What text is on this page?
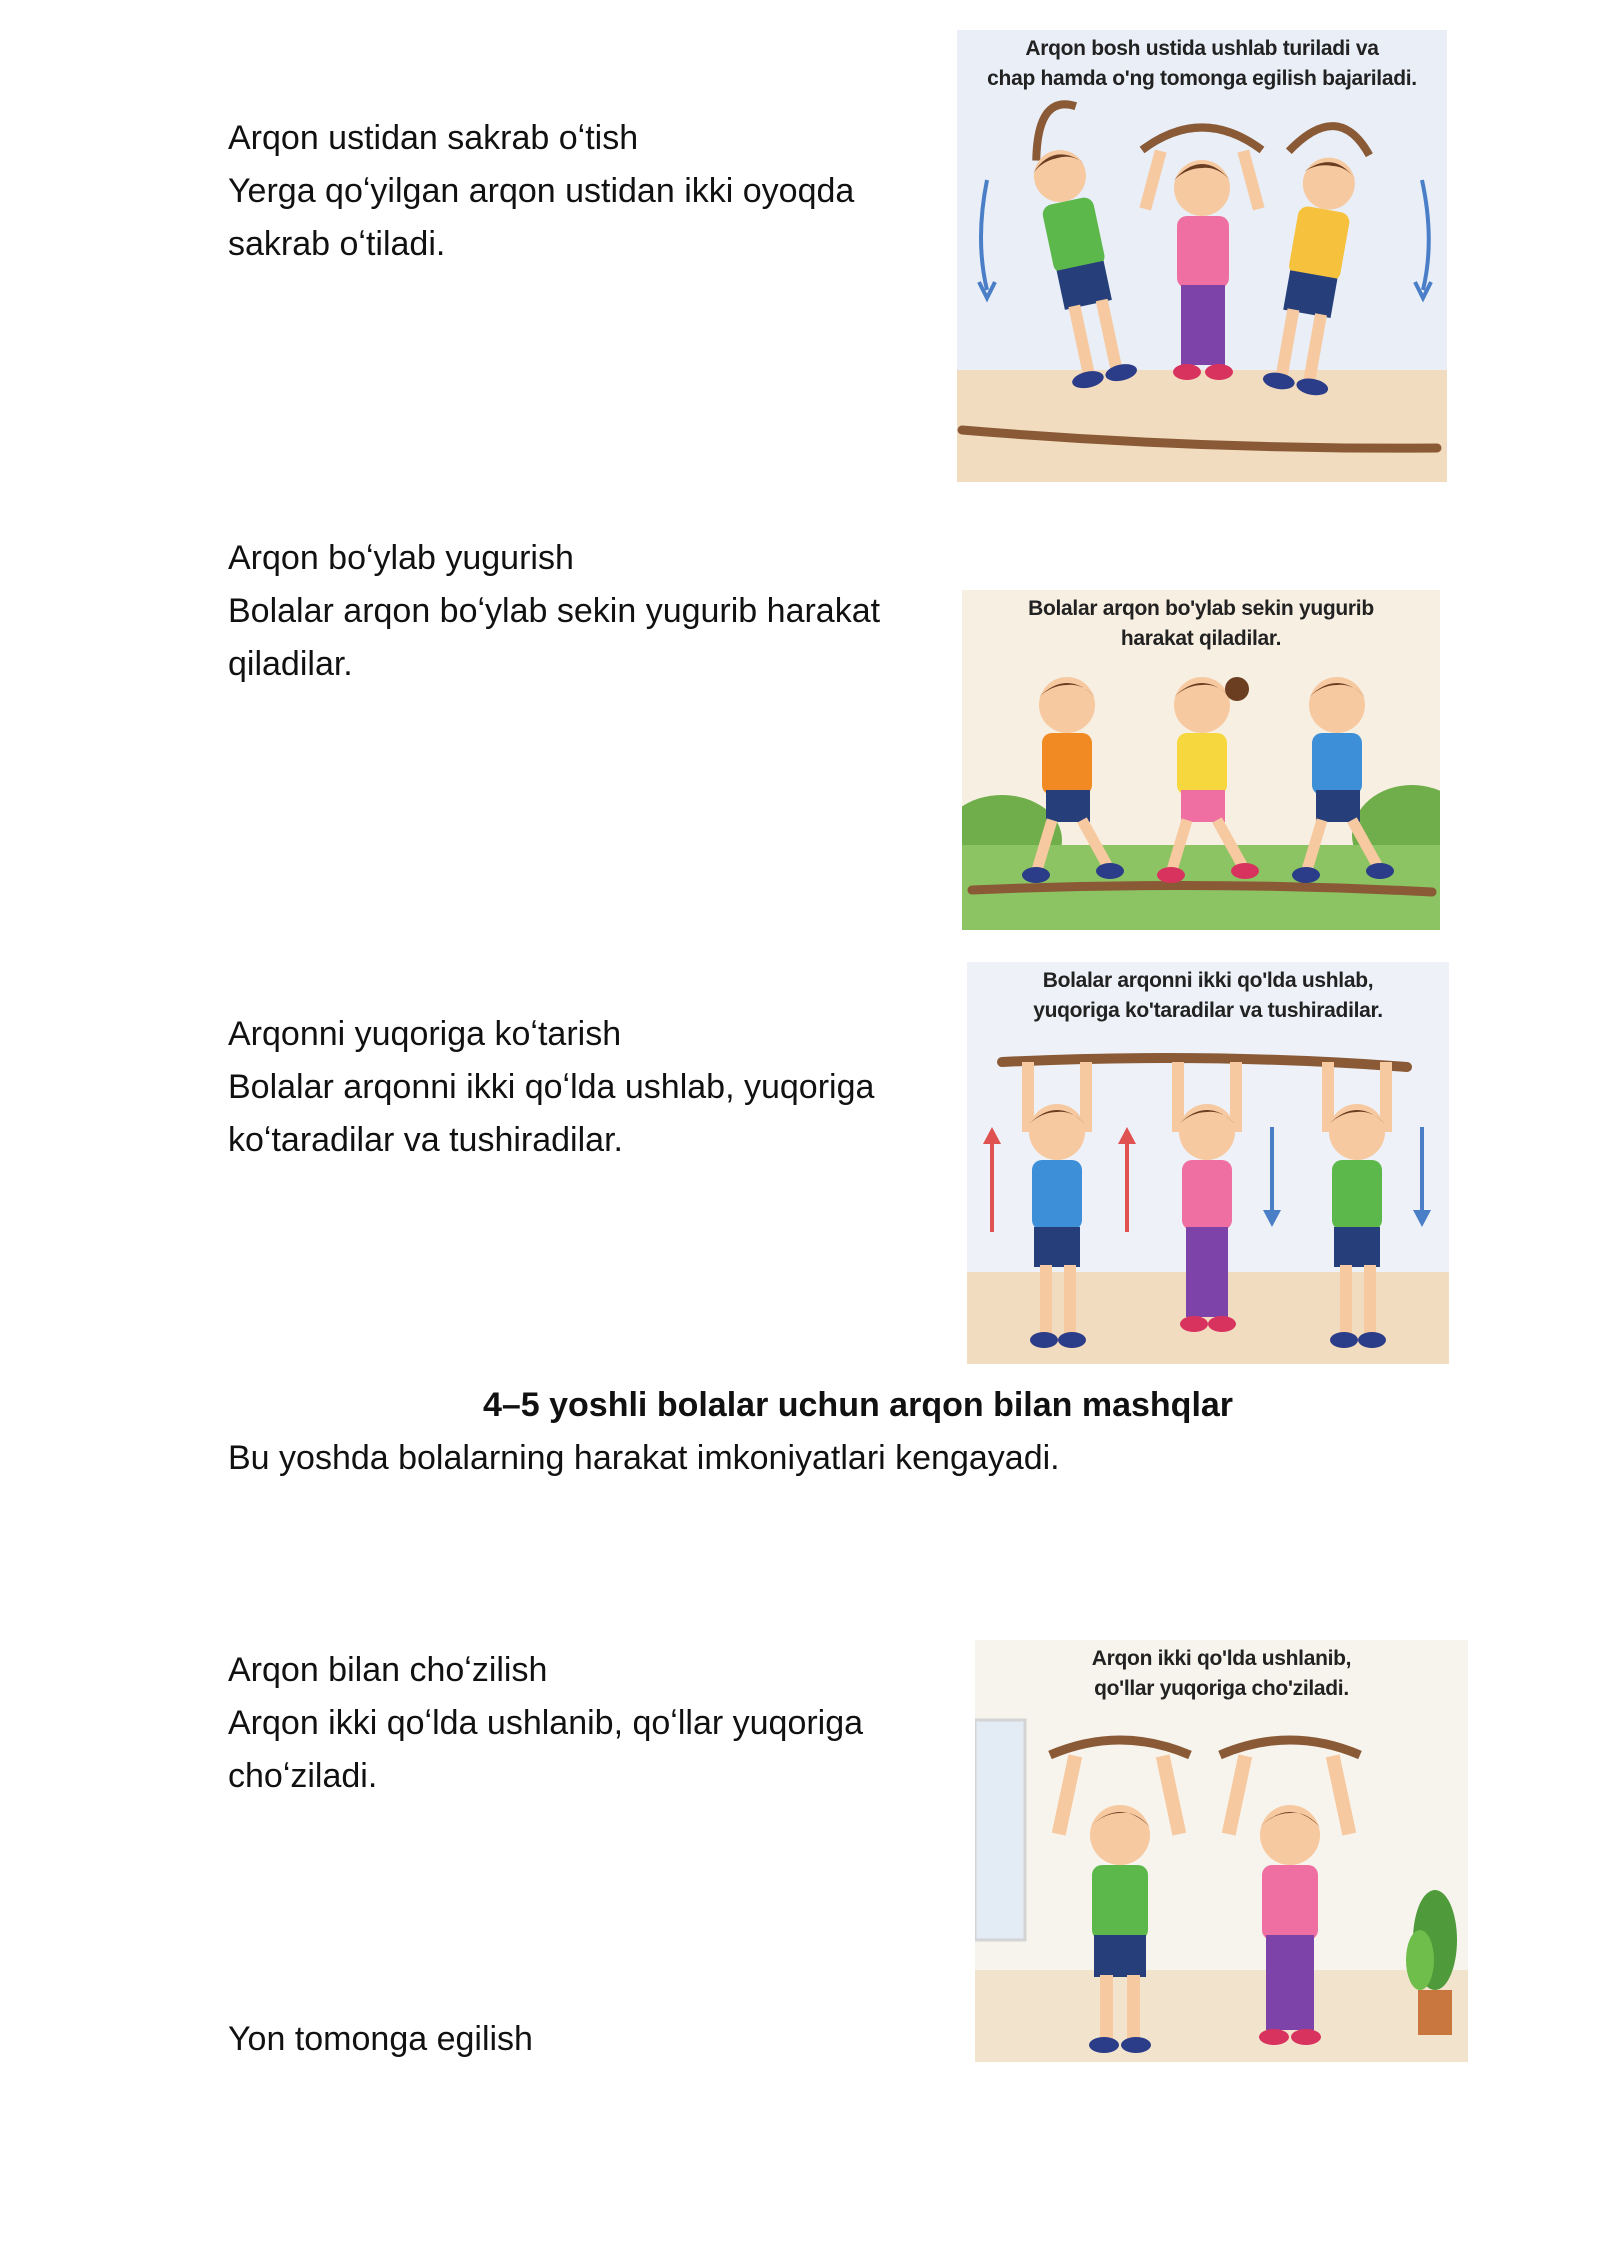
Arqon ustidan sakrab oʻtish

Yerga qoʻyilgan arqon ustidan ikki oyoqda sakrab oʻtiladi.

Arqon bosh ustida ushlab turiladi va
chap hamda o'ng tomonga egilish bajariladi.

Arqon boʻylab yugurish

Bolalar arqon boʻylab sekin yugurib harakat qiladilar.

Bolalar arqon bo'ylab sekin yugurib
harakat qiladilar.

Arqonni yuqoriga koʻtarish

Bolalar arqonni ikki qoʻlda ushlab, yuqoriga koʻtaradilar va tushiradilar.

Bolalar arqonni ikki qo'lda ushlab,
yuqoriga ko'taradilar va tushiradilar.

4–5 yoshli bolalar uchun arqon bilan mashqlar

Bu yoshda bolalarning harakat imkoniyatlari kengayadi.

Arqon bilan choʻzilish

Arqon ikki qoʻlda ushlanib, qoʻllar yuqoriga choʻziladi.

Arqon ikki qo'lda ushlanib,
qo'llar yuqoriga cho'ziladi.

Yon tomonga egilish
